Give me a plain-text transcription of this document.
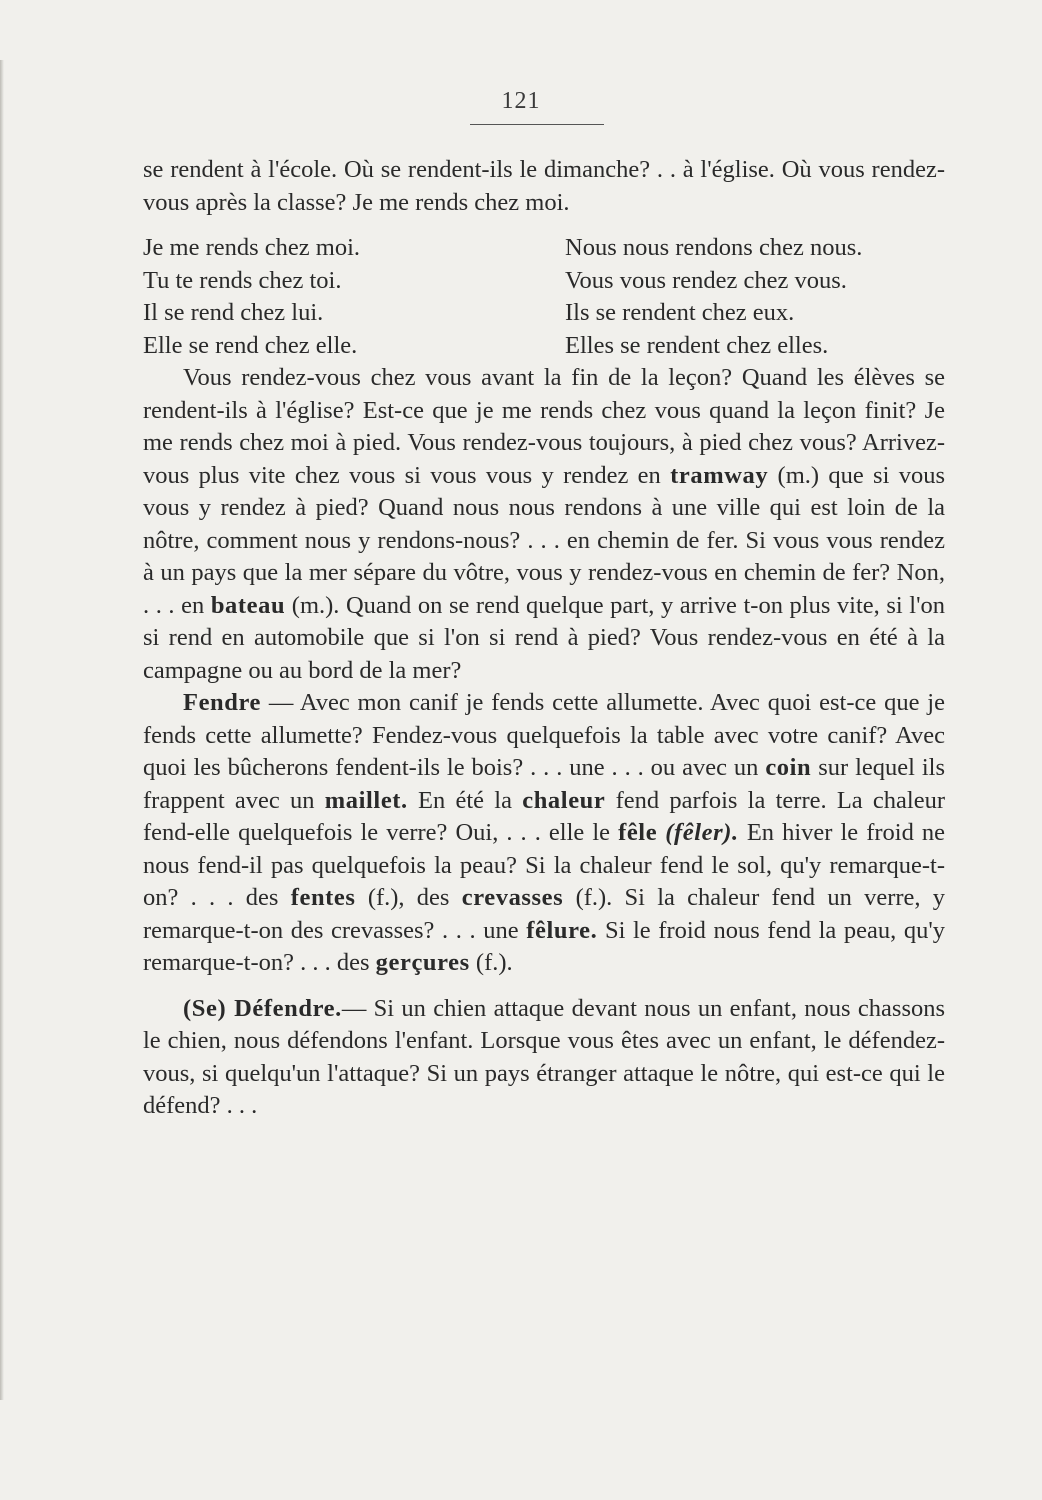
121

se rendent à l'école. Où se rendent-ils le dimanche? . . à l'église. Où vous rendez-vous après la classe? Je me rends chez moi.

Je me rends chez moi.
Tu te rends chez toi.
Il se rend chez lui.
Elle se rend chez elle.
Nous nous rendons chez nous.
Vous vous rendez chez vous.
Ils se rendent chez eux.
Elles se rendent chez elles.

Vous rendez-vous chez vous avant la fin de la leçon? Quand les élèves se rendent-ils à l'église? Est-ce que je me rends chez vous quand la leçon finit? Je me rends chez moi à pied. Vous rendez-vous toujours, à pied chez vous? Arrivez-vous plus vite chez vous si vous vous y rendez en tramway (m.) que si vous vous y rendez à pied? Quand nous nous rendons à une ville qui est loin de la nôtre, comment nous y rendons-nous? . . . en chemin de fer. Si vous vous rendez à un pays que la mer sépare du vôtre, vous y rendez-vous en chemin de fer? Non, . . . en bateau (m.). Quand on se rend quelque part, y arrive t-on plus vite, si l'on si rend en automobile que si l'on si rend à pied? Vous rendez-vous en été à la campagne ou au bord de la mer?

Fendre — Avec mon canif je fends cette allumette. Avec quoi est-ce que je fends cette allumette? Fendez-vous quelquefois la table avec votre canif? Avec quoi les bûcherons fendent-ils le bois? . . . une . . . ou avec un coin sur lequel ils frappent avec un maillet. En été la chaleur fend parfois la terre. La chaleur fend-elle quelquefois le verre? Oui, . . . elle le fêle (fêler). En hiver le froid ne nous fend-il pas quelquefois la peau? Si la chaleur fend le sol, qu'y remarque-t-on? . . . des fentes (f.), des crevasses (f.). Si la chaleur fend un verre, y remarque-t-on des crevasses? . . . une fêlure. Si le froid nous fend la peau, qu'y remarque-t-on? . . . des gerçures (f.).

(Se) Défendre.— Si un chien attaque devant nous un enfant, nous chassons le chien, nous défendons l'enfant. Lorsque vous êtes avec un enfant, le défendez-vous, si quelqu'un l'attaque? Si un pays étranger attaque le nôtre, qui est-ce qui le défend? . . .
